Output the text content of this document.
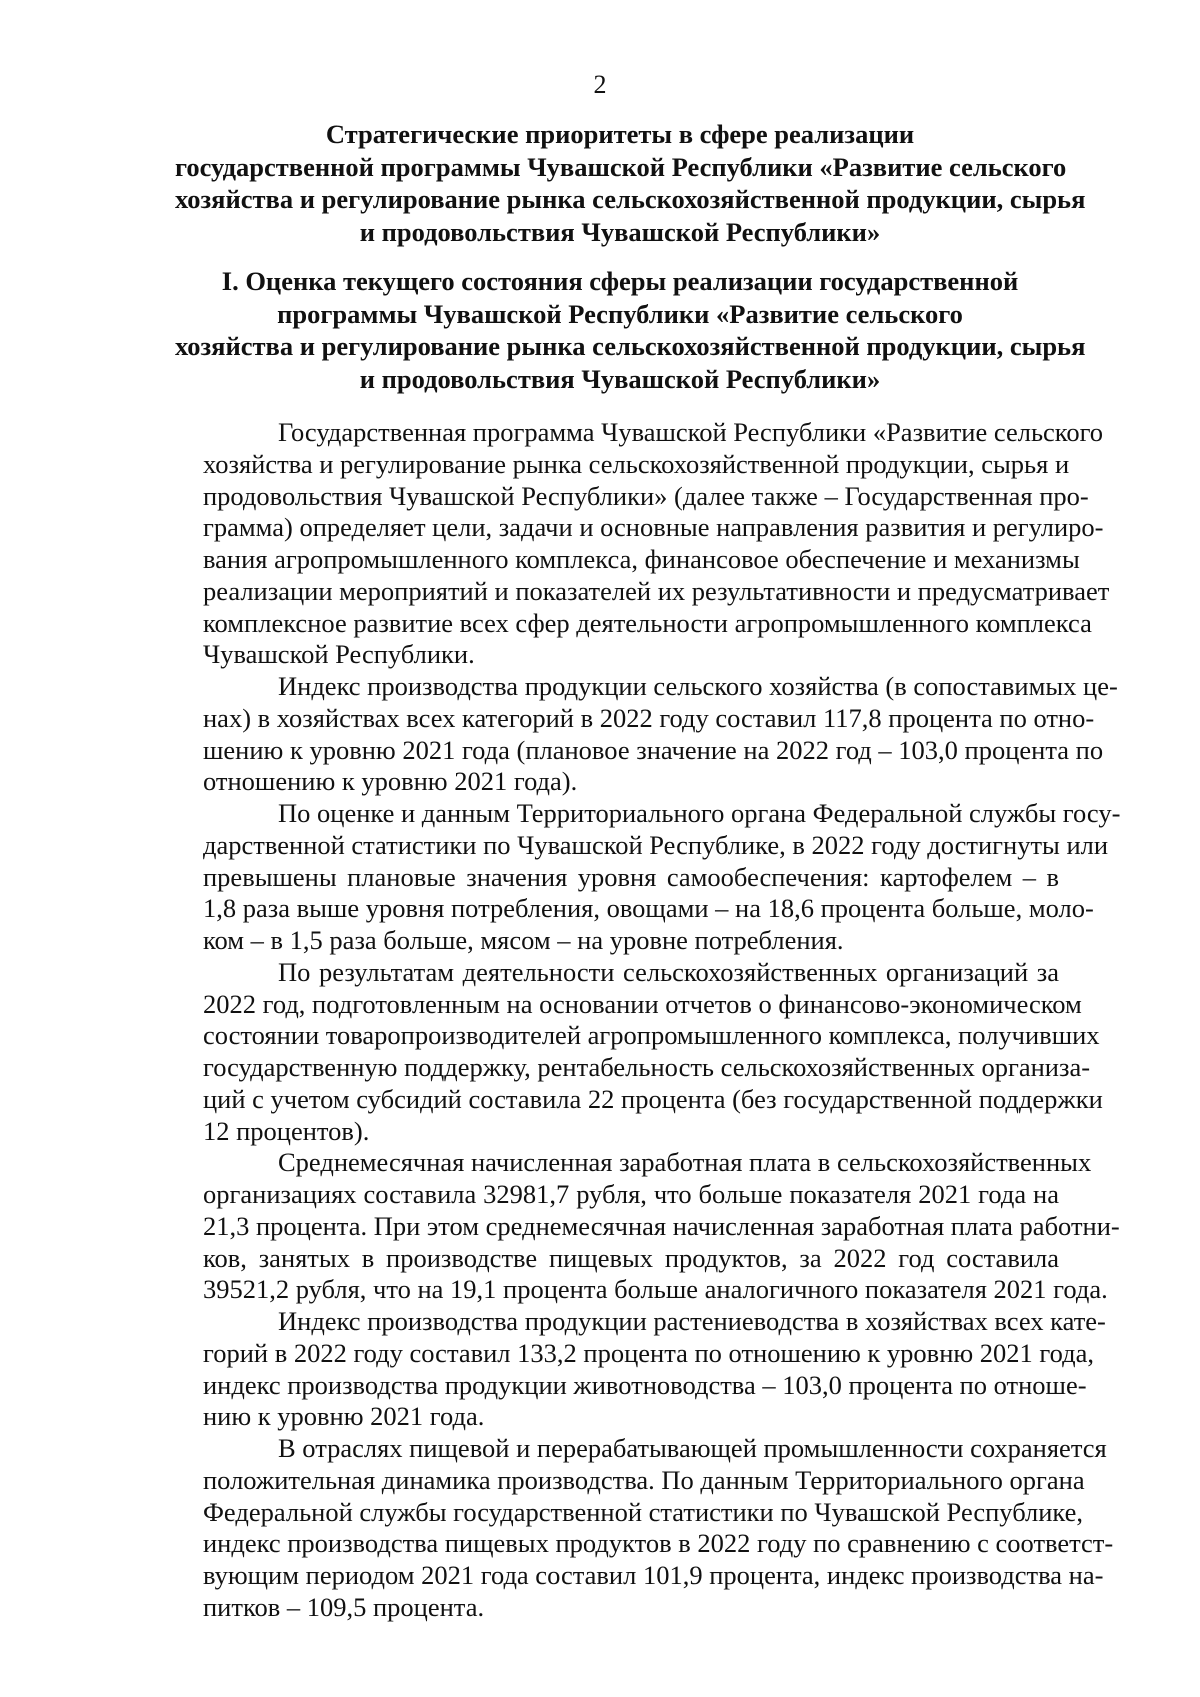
2
Стратегические приоритеты в сфере реализации
государственной программы Чувашской Республики «Развитие сельского
хозяйства и регулирование рынка сельскохозяйственной продукции, сырья
и продовольствия Чувашской Республики»
I. Оценка текущего состояния сферы реализации государственной
программы Чувашской Республики «Развитие сельского
хозяйства и регулирование рынка сельскохозяйственной продукции, сырья
и продовольствия Чувашской Республики»

Государственная программа Чувашской Республики «Развитие сельского
хозяйства и регулирование рынка сельскохозяйственной продукции, сырья и
продовольствия Чувашской Республики» (далее также – Государственная про-
грамма) определяет цели, задачи и основные направления развития и регулиро-
вания агропромышленного комплекса, финансовое обеспечение и механизмы
реализации мероприятий и показателей их результативности и предусматривает
комплексное развитие всех сфер деятельности агропромышленного комплекса
Чувашской Республики.

Индекс производства продукции сельского хозяйства (в сопоставимых це-
нах) в хозяйствах всех категорий в 2022 году составил 117,8 процента по отно-
шению к уровню 2021 года (плановое значение на 2022 год – 103,0 процента по
отношению к уровню 2021 года).

По оценке и данным Территориального органа Федеральной службы госу-
дарственной статистики по Чувашской Республике, в 2022 году достигнуты или
превышены плановые значения уровня самообеспечения: картофелем – в
1,8 раза выше уровня потребления, овощами – на 18,6 процента больше, моло-
ком – в 1,5 раза больше, мясом – на уровне потребления.

По результатам деятельности сельскохозяйственных организаций за
2022 год, подготовленным на основании отчетов о финансово-экономическом
состоянии товаропроизводителей агропромышленного комплекса, получивших
государственную поддержку, рентабельность сельскохозяйственных организа-
ций с учетом субсидий составила 22 процента (без государственной поддержки
12 процентов).

Среднемесячная начисленная заработная плата в сельскохозяйственных
организациях составила 32981,7 рубля, что больше показателя 2021 года на
21,3 процента. При этом среднемесячная начисленная заработная плата работни-
ков, занятых в производстве пищевых продуктов, за 2022 год составила
39521,2 рубля, что на 19,1 процента больше аналогичного показателя 2021 года.

Индекс производства продукции растениеводства в хозяйствах всех кате-
горий в 2022 году составил 133,2 процента по отношению к уровню 2021 года,
индекс производства продукции животноводства – 103,0 процента по отноше-
нию к уровню 2021 года.

В отраслях пищевой и перерабатывающей промышленности сохраняется
положительная динамика производства. По данным Территориального органа
Федеральной службы государственной статистики по Чувашской Республике,
индекс производства пищевых продуктов в 2022 году по сравнению с соответст-
вующим периодом 2021 года составил 101,9 процента, индекс производства на-
питков – 109,5 процента.
